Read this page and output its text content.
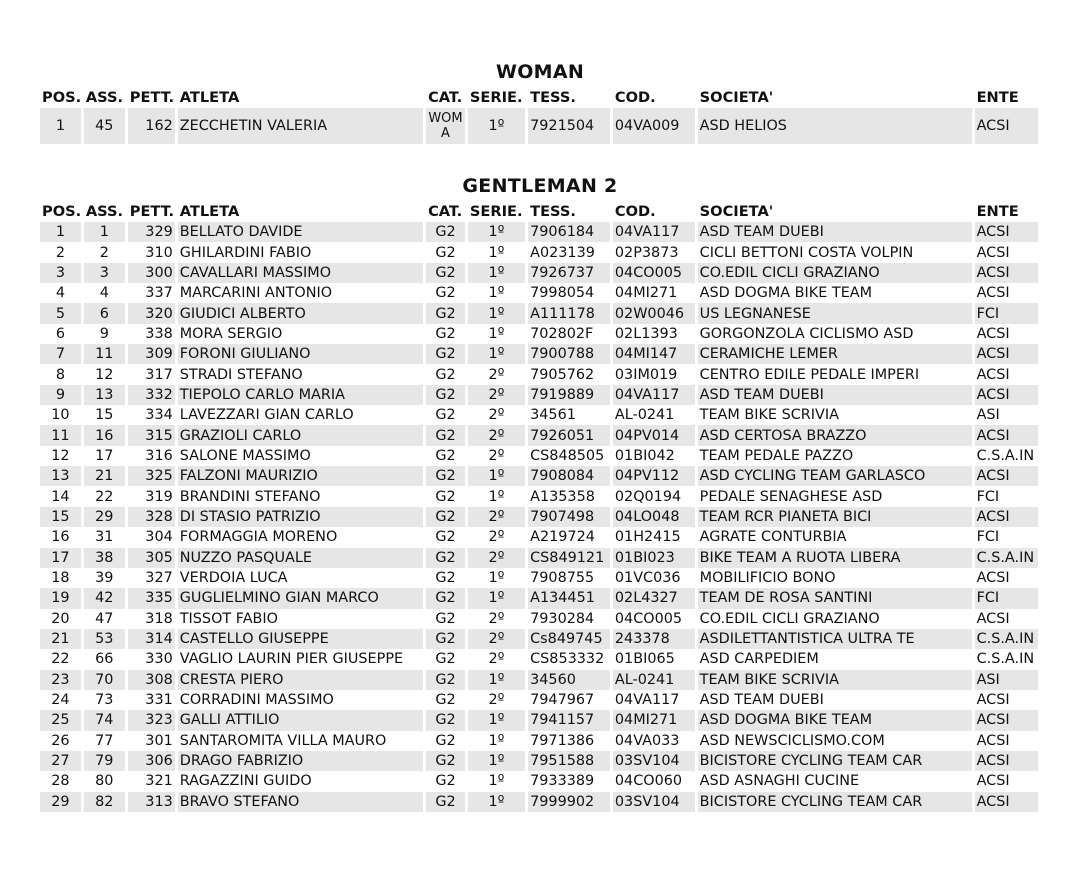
WOMAN
POS.	ASS.	PETT.	ATLETA	CAT.	SERIE.	TESS.	COD.	SOCIETA'	ENTE
1	45	162	ZECCHETIN VALERIA	WOMA	1º	7921504	04VA009	ASD HELIOS	ACSI
GENTLEMAN 2
POS.	ASS.	PETT.	ATLETA	CAT.	SERIE.	TESS.	COD.	SOCIETA'	ENTE
1	1	329	BELLATO DAVIDE	G2	1º	7906184	04VA117	ASD TEAM DUEBI	ACSI
2	2	310	GHILARDINI FABIO	G2	1º	A023139	02P3873	CICLI BETTONI COSTA VOLPIN	ACSI
3	3	300	CAVALLARI MASSIMO	G2	1º	7926737	04CO005	CO.EDIL CICLI GRAZIANO	ACSI
4	4	337	MARCARINI ANTONIO	G2	1º	7998054	04MI271	ASD DOGMA BIKE TEAM	ACSI
5	6	320	GIUDICI ALBERTO	G2	1º	A111178	02W0046	US LEGNANESE	FCI
6	9	338	MORA SERGIO	G2	1º	702802F	02L1393	GORGONZOLA CICLISMO ASD	ACSI
7	11	309	FORONI GIULIANO	G2	1º	7900788	04MI147	CERAMICHE LEMER	ACSI
8	12	317	STRADI STEFANO	G2	2º	7905762	03IM019	CENTRO EDILE PEDALE IMPERI	ACSI
9	13	332	TIEPOLO CARLO MARIA	G2	2º	7919889	04VA117	ASD TEAM DUEBI	ACSI
10	15	334	LAVEZZARI GIAN CARLO	G2	2º	34561	AL-0241	TEAM BIKE SCRIVIA	ASI
11	16	315	GRAZIOLI CARLO	G2	2º	7926051	04PV014	ASD CERTOSA BRAZZO	ACSI
12	17	316	SALONE MASSIMO	G2	2º	CS848505	01BI042	TEAM PEDALE PAZZO	C.S.A.IN
13	21	325	FALZONI MAURIZIO	G2	1º	7908084	04PV112	ASD CYCLING TEAM GARLASCO	ACSI
14	22	319	BRANDINI STEFANO	G2	1º	A135358	02Q0194	PEDALE SENAGHESE ASD	FCI
15	29	328	DI STASIO PATRIZIO	G2	2º	7907498	04LO048	TEAM RCR PIANETA BICI	ACSI
16	31	304	FORMAGGIA MORENO	G2	2º	A219724	01H2415	AGRATE CONTURBIA	FCI
17	38	305	NUZZO PASQUALE	G2	2º	CS849121	01BI023	BIKE TEAM A RUOTA LIBERA	C.S.A.IN
18	39	327	VERDOIA LUCA	G2	1º	7908755	01VC036	MOBILIFICIO BONO	ACSI
19	42	335	GUGLIELMINO GIAN MARCO	G2	1º	A134451	02L4327	TEAM DE ROSA SANTINI	FCI
20	47	318	TISSOT FABIO	G2	2º	7930284	04CO005	CO.EDIL CICLI GRAZIANO	ACSI
21	53	314	CASTELLO GIUSEPPE	G2	2º	Cs849745	243378	ASDILETTANTISTICA ULTRA TE	C.S.A.IN
22	66	330	VAGLIO LAURIN PIER GIUSEPPE	G2	2º	CS853332	01BI065	ASD CARPEDIEM	C.S.A.IN
23	70	308	CRESTA PIERO	G2	1º	34560	AL-0241	TEAM BIKE SCRIVIA	ASI
24	73	331	CORRADINI MASSIMO	G2	2º	7947967	04VA117	ASD TEAM DUEBI	ACSI
25	74	323	GALLI ATTILIO	G2	1º	7941157	04MI271	ASD DOGMA BIKE TEAM	ACSI
26	77	301	SANTAROMITA VILLA MAURO	G2	1º	7971386	04VA033	ASD NEWSCICLISMO.COM	ACSI
27	79	306	DRAGO FABRIZIO	G2	1º	7951588	03SV104	BICISTORE CYCLING TEAM CAR	ACSI
28	80	321	RAGAZZINI GUIDO	G2	1º	7933389	04CO060	ASD ASNAGHI CUCINE	ACSI
29	82	313	BRAVO STEFANO	G2	1º	7999902	03SV104	BICISTORE CYCLING TEAM CAR	ACSI
